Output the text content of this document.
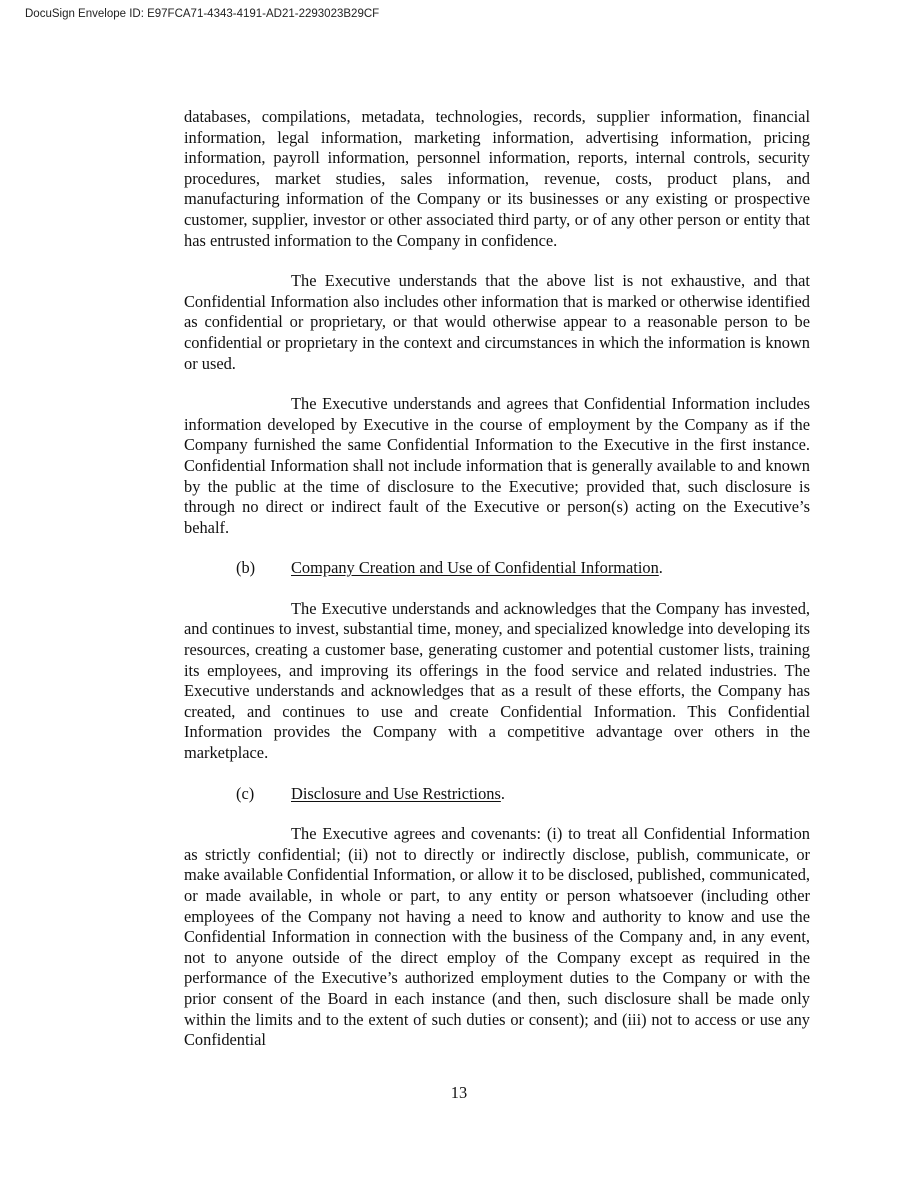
DocuSign Envelope ID: E97FCA71-4343-4191-AD21-2293023B29CF

databases, compilations, metadata, technologies, records, supplier information, financial information, legal information, marketing information, advertising information, pricing information, payroll information, personnel information, reports, internal controls, security procedures, market studies, sales information, revenue, costs, product plans, and manufacturing information of the Company or its businesses or any existing or prospective customer, supplier, investor or other associated third party, or of any other person or entity that has entrusted information to the Company in confidence.

The Executive understands that the above list is not exhaustive, and that Confidential Information also includes other information that is marked or otherwise identified as confidential or proprietary, or that would otherwise appear to a reasonable person to be confidential or proprietary in the context and circumstances in which the information is known or used.

The Executive understands and agrees that Confidential Information includes information developed by Executive in the course of employment by the Company as if the Company furnished the same Confidential Information to the Executive in the first instance. Confidential Information shall not include information that is generally available to and known by the public at the time of disclosure to the Executive; provided that, such disclosure is through no direct or indirect fault of the Executive or person(s) acting on the Executive’s behalf.

(b) Company Creation and Use of Confidential Information.

The Executive understands and acknowledges that the Company has invested, and continues to invest, substantial time, money, and specialized knowledge into developing its resources, creating a customer base, generating customer and potential customer lists, training its employees, and improving its offerings in the food service and related industries. The Executive understands and acknowledges that as a result of these efforts, the Company has created, and continues to use and create Confidential Information. This Confidential Information provides the Company with a competitive advantage over others in the marketplace.

(c) Disclosure and Use Restrictions.

The Executive agrees and covenants: (i) to treat all Confidential Information as strictly confidential; (ii) not to directly or indirectly disclose, publish, communicate, or make available Confidential Information, or allow it to be disclosed, published, communicated, or made available, in whole or part, to any entity or person whatsoever (including other employees of the Company not having a need to know and authority to know and use the Confidential Information in connection with the business of the Company and, in any event, not to anyone outside of the direct employ of the Company except as required in the performance of the Executive’s authorized employment duties to the Company or with the prior consent of the Board in each instance (and then, such disclosure shall be made only within the limits and to the extent of such duties or consent); and (iii) not to access or use any Confidential

13
